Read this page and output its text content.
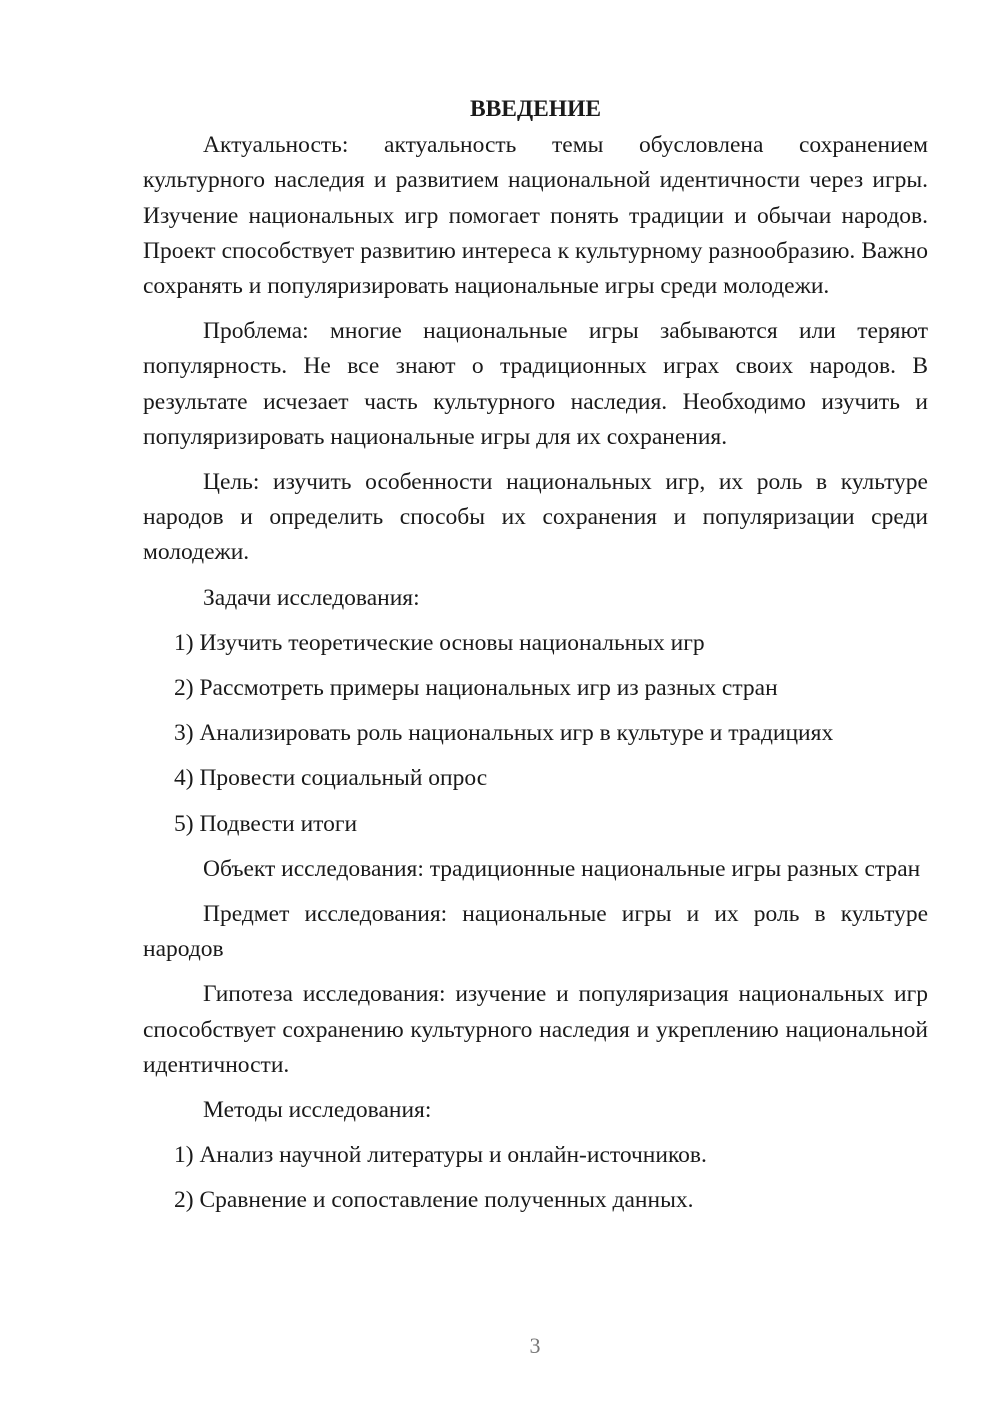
ВВЕДЕНИЕ
Актуальность: актуальность темы обусловлена сохранением культурного наследия и развитием национальной идентичности через игры. Изучение национальных игр помогает понять традиции и обычаи народов. Проект способствует развитию интереса к культурному разнообразию. Важно сохранять и популяризировать национальные игры среди молодежи.
Проблема: многие национальные игры забываются или теряют популярность. Не все знают о традиционных играх своих народов. В результате исчезает часть культурного наследия. Необходимо изучить и популяризировать национальные игры для их сохранения.
Цель: изучить особенности национальных игр, их роль в культуре народов и определить способы их сохранения и популяризации среди молодежи.
Задачи исследования:
1) Изучить теоретические основы национальных игр
2) Рассмотреть примеры национальных игр из разных стран
3) Анализировать роль национальных игр в культуре и традициях
4) Провести социальный опрос
5) Подвести итоги
Объект исследования: традиционные национальные игры разных стран
Предмет исследования: национальные игры и их роль в культуре народов
Гипотеза исследования: изучение и популяризация национальных игр способствует сохранению культурного наследия и укреплению национальной идентичности.
Методы исследования:
1) Анализ научной литературы и онлайн-источников.
2) Сравнение и сопоставление полученных данных.
3
